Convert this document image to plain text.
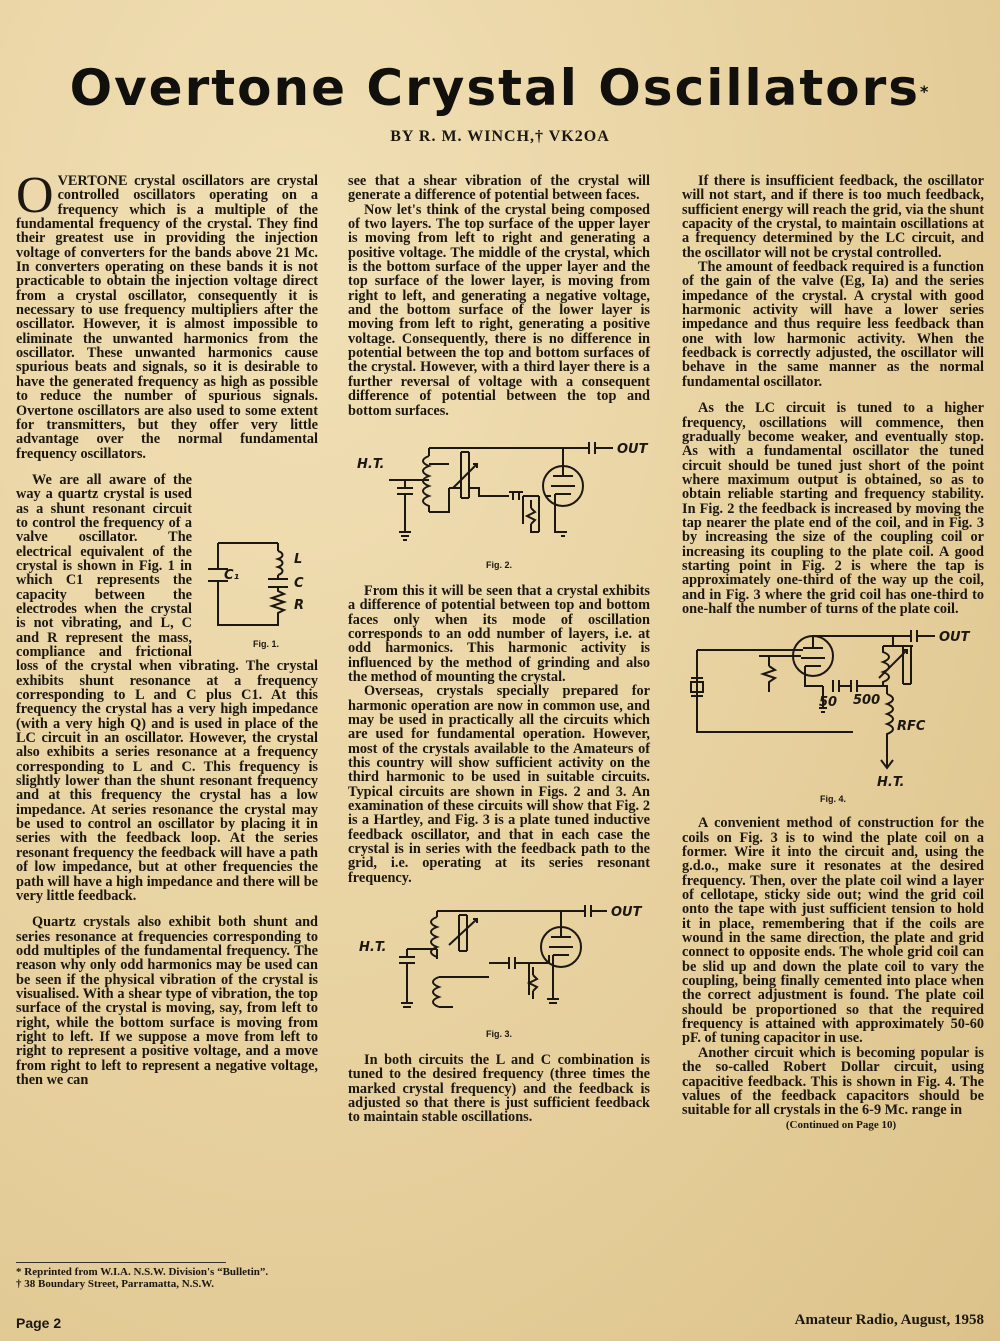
Overtone Crystal Oscillators*
BY R. M. WINCH,† VK2OA

OVERTONE crystal oscillators are crystal controlled oscillators operating on a frequency which is a multiple of the fundamental frequency of the crystal. They find their greatest use in providing the injection voltage of converters for the bands above 21 Mc. In converters operating on these bands it is not practicable to obtain the injection voltage direct from a crystal oscillator, consequently it is necessary to use frequency multipliers after the oscillator. However, it is almost impossible to eliminate the unwanted harmonics from the oscillator. These unwanted harmonics cause spurious beats and signals, so it is desirable to have the generated frequency as high as possible to reduce the number of spurious signals. Overtone oscillators are also used to some extent for transmitters, but they offer very little advantage over the normal fundamental frequency oscillators.

C₁
L
C
R
Fig. 1.
We are all aware of the way a quartz crystal is used as a shunt resonant circuit to control the frequency of a valve oscillator. The electrical equivalent of the crystal is shown in Fig. 1 in which C1 represents the capacity between the electrodes when the crystal is not vibrating, and L, C and R represent the mass, compliance and frictional loss of the crystal when vibrating. The crystal exhibits shunt resonance at a frequency corresponding to L and C plus C1. At this frequency the crystal has a very high impedance (with a very high Q) and is used in place of the LC circuit in an oscillator. However, the crystal also exhibits a series resonance at a frequency corresponding to L and C. This frequency is slightly lower than the shunt resonant frequency and at this frequency the crystal has a low impedance. At series resonance the crystal may be used to control an oscillator by placing it in series with the feedback loop. At the series resonant frequency the feedback will have a path of low impedance, but at other frequencies the path will have a high impedance and there will be very little feedback.

Quartz crystals also exhibit both shunt and series resonance at frequencies corresponding to odd multiples of the fundamental frequency. The reason why only odd harmonics may be used can be seen if the physical vibration of the crystal is visualised. With a shear type of vibration, the top surface of the crystal is moving, say, from left to right, while the bottom surface is moving from right to left. If we suppose a move from left to right to represent a positive voltage, and a move from right to left to represent a negative voltage, then we can

see that a shear vibration of the crystal will generate a difference of potential between faces.

Now let's think of the crystal being composed of two layers. The top surface of the upper layer is moving from left to right and generating a positive voltage. The middle of the crystal, which is the bottom surface of the upper layer and the top surface of the lower layer, is moving from right to left, and generating a negative voltage, and the bottom surface of the lower layer is moving from left to right, generating a positive voltage. Consequently, there is no difference in potential between the top and bottom surfaces of the crystal. However, with a third layer there is a further reversal of voltage with a consequent difference of potential between the top and bottom surfaces.

H.T.
OUT
Fig. 2.

From this it will be seen that a crystal exhibits a difference of potential between top and bottom faces only when its mode of oscillation corresponds to an odd number of layers, i.e. at odd harmonics. This harmonic activity is influenced by the method of grinding and also the method of mounting the crystal.

Overseas, crystals specially prepared for harmonic operation are now in common use, and may be used in practically all the circuits which are used for fundamental operation. However, most of the crystals available to the Amateurs of this country will show sufficient activity on the third harmonic to be used in suitable circuits. Typical circuits are shown in Figs. 2 and 3. An examination of these circuits will show that Fig. 2 is a Hartley, and Fig. 3 is a plate tuned inductive feedback oscillator, and that in each case the crystal is in series with the feedback path to the grid, i.e. operating at its series resonant frequency.

H.T.
OUT
Fig. 3.

In both circuits the L and C combination is tuned to the desired frequency (three times the marked crystal frequency) and the feedback is adjusted so that there is just sufficient feedback to maintain stable oscillations.

If there is insufficient feedback, the oscillator will not start, and if there is too much feedback, sufficient energy will reach the grid, via the shunt capacity of the crystal, to maintain oscillations at a frequency determined by the LC circuit, and the oscillator will not be crystal controlled.

The amount of feedback required is a function of the gain of the valve (Eg, Ia) and the series impedance of the crystal. A crystal with good harmonic activity will have a lower series impedance and thus require less feedback than one with low harmonic activity. When the feedback is correctly adjusted, the oscillator will behave in the same manner as the normal fundamental oscillator.

As the LC circuit is tuned to a higher frequency, oscillations will commence, then gradually become weaker, and eventually stop. As with a fundamental oscillator the tuned circuit should be tuned just short of the point where maximum output is obtained, so as to obtain reliable starting and frequency stability. In Fig. 2 the feedback is increased by moving the tap nearer the plate end of the coil, and in Fig. 3 by increasing the size of the coupling coil or increasing its coupling to the plate coil. A good starting point in Fig. 2 is where the tap is approximately one-third of the way up the coil, and in Fig. 3 where the grid coil has one-third to one-half the number of turns of the plate coil.

50 500
RFC
H.T.
OUT
Fig. 4.

A convenient method of construction for the coils on Fig. 3 is to wind the plate coil on a former. Wire it into the circuit and, using the g.d.o., make sure it resonates at the desired frequency. Then, over the plate coil wind a layer of cellotape, sticky side out; wind the grid coil onto the tape with just sufficient tension to hold it in place, remembering that if the coils are wound in the same direction, the plate and grid connect to opposite ends. The whole grid coil can be slid up and down the plate coil to vary the coupling, being finally cemented into place when the correct adjustment is found. The plate coil should be proportioned so that the required frequency is attained with approximately 50-60 pF. of tuning capacitor in use.

Another circuit which is becoming popular is the so-called Robert Dollar circuit, using capacitive feedback. This is shown in Fig. 4. The values of the feedback capacitors should be suitable for all crystals in the 6-9 Mc. range in

(Continued on Page 10)

* Reprinted from W.I.A. N.S.W. Division's “Bulletin”.
† 38 Boundary Street, Parramatta, N.S.W.
Page 2	Amateur Radio, August, 1958
